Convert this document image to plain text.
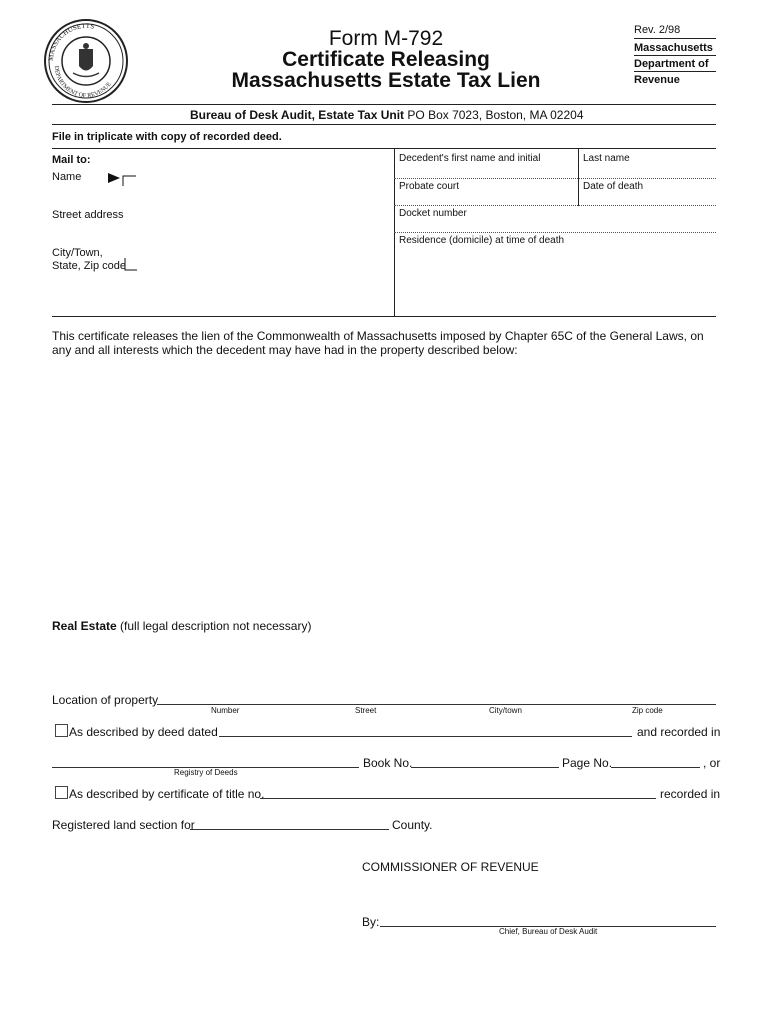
MASSACHUSETTS
DEPARTMENT OF REVENUE
Form M-792
Certificate Releasing
Massachusetts Estate Tax Lien
Rev. 2/98
Massachusetts
Department of
Revenue
Bureau of Desk Audit, Estate Tax Unit PO Box 7023, Boston, MA 02204
File in triplicate with copy of recorded deed.
Mail to:
Name
Street address
City/Town,
State, Zip code
Decedent's first name and initial	Last name
Probate court	Date of death
Docket number
Residence (domicile) at time of death
This certificate releases the lien of the Commonwealth of Massachusetts imposed by Chapter 65C of the General Laws, on any and all interests which the decedent may have had in the property described below:
Real Estate (full legal description not necessary)
Location of property
Number	Street	City/town	Zip code
As described by deed dated	and recorded in
Book No.	Page No.	, or
Registry of Deeds
As described by certificate of title no.	recorded in
Registered land section for	County.
COMMISSIONER OF REVENUE
By:
Chief, Bureau of Desk Audit
